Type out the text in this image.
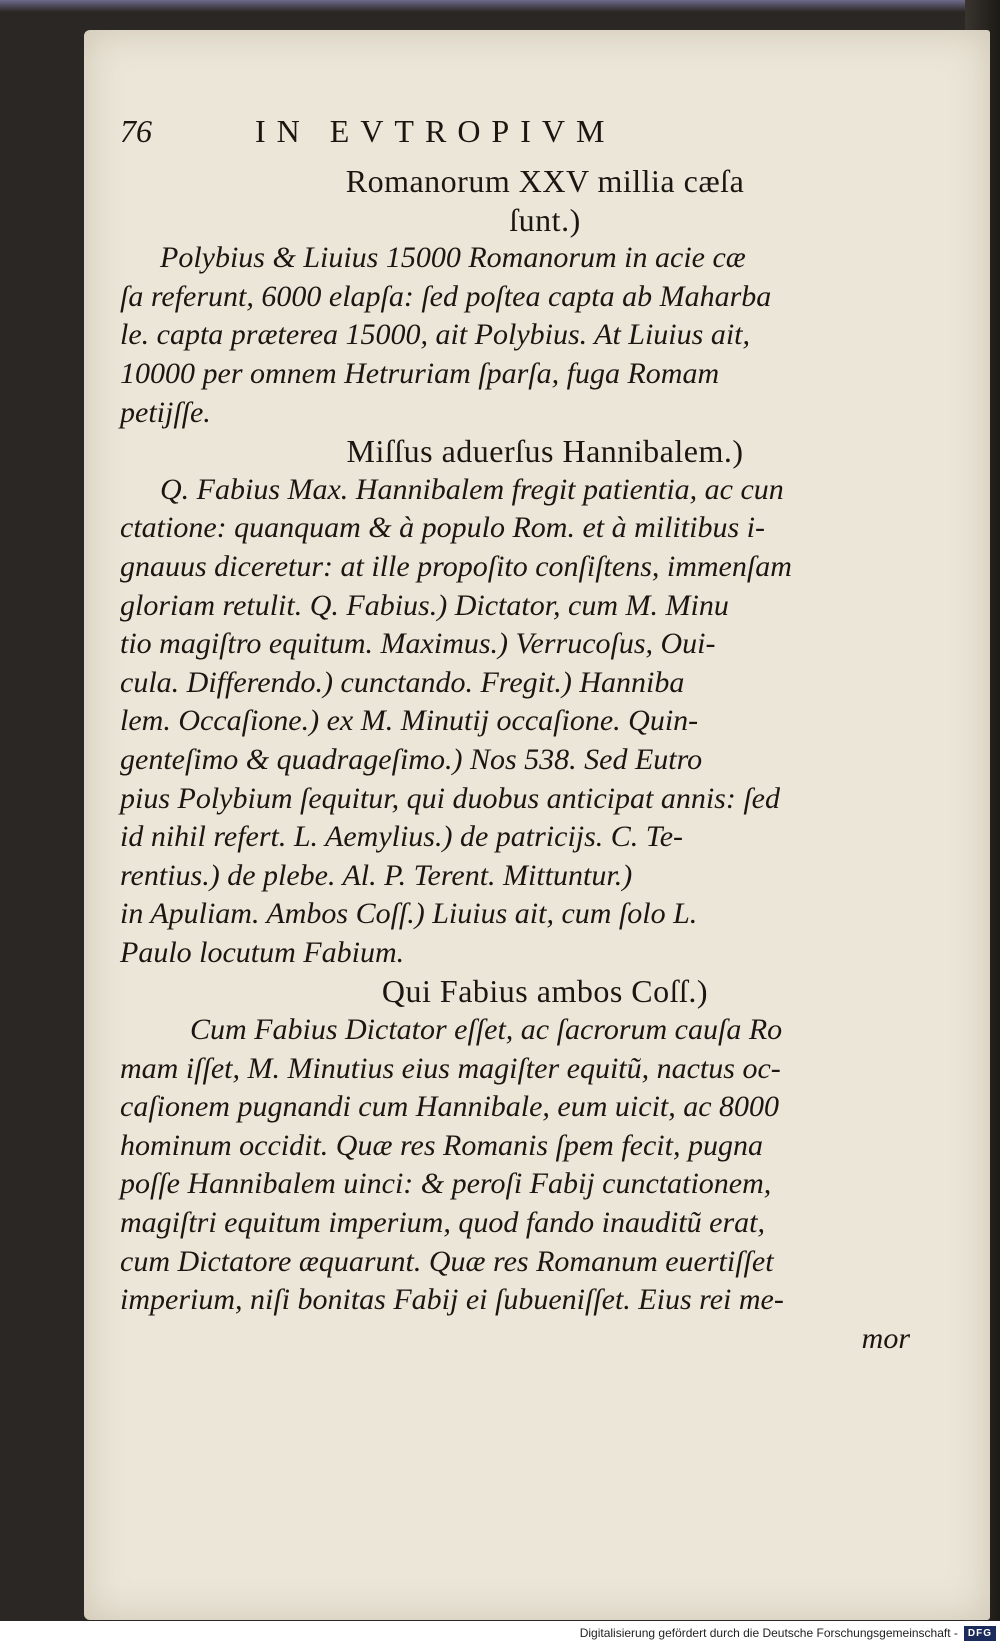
76	IN EVTROPIVM
Romanorum XXV millia cæſa
ſunt.)
Polybius & Liuius 15000 Romanorum in acie cæ
ſa referunt, 6000 elapſa: ſed poſtea capta ab Maharba
le. capta præterea 15000, ait Polybius. At Liuius ait,
10000 per omnem Hetruriam ſparſa, fuga Romam
petijſſe.
Miſſus aduerſus Hannibalem.)
Q. Fabius Max. Hannibalem fregit patientia, ac cun
ctatione: quanquam & à populo Rom. et à militibus i-
gnauus diceretur: at ille propoſito conſiſtens, immenſam
gloriam retulit. Q. Fabius.) Dictator, cum M. Minu
tio magiſtro equitum. Maximus.) Verrucoſus, Oui-
cula. Differendo.) cunctando. Fregit.) Hanniba
lem. Occaſione.) ex M. Minutij occaſione. Quin-
genteſimo & quadrageſimo.) Nos 538. Sed Eutro
pius Polybium ſequitur, qui duobus anticipat annis: ſed
id nihil refert. L. Aemylius.) de patricijs. C. Te-
rentius.) de plebe. Al. P. Terent. Mittuntur.)
in Apuliam. Ambos Coſſ.) Liuius ait, cum ſolo L.
Paulo locutum Fabium.
Qui Fabius ambos Coſſ.)
Cum Fabius Dictator eſſet, ac ſacrorum cauſa Ro
mam iſſet, M. Minutius eius magiſter equitũ, nactus oc-
caſionem pugnandi cum Hannibale, eum uicit, ac 8000
hominum occidit. Quæ res Romanis ſpem fecit, pugna
poſſe Hannibalem uinci: & peroſi Fabij cunctationem,
magiſtri equitum imperium, quod fando inauditũ erat,
cum Dictatore æquarunt. Quæ res Romanum euertiſſet
imperium, niſi bonitas Fabij ei ſubueniſſet. Eius rei me-
mor
Digitalisierung gefördert durch die Deutsche Forschungsgemeinschaft -	DFG
